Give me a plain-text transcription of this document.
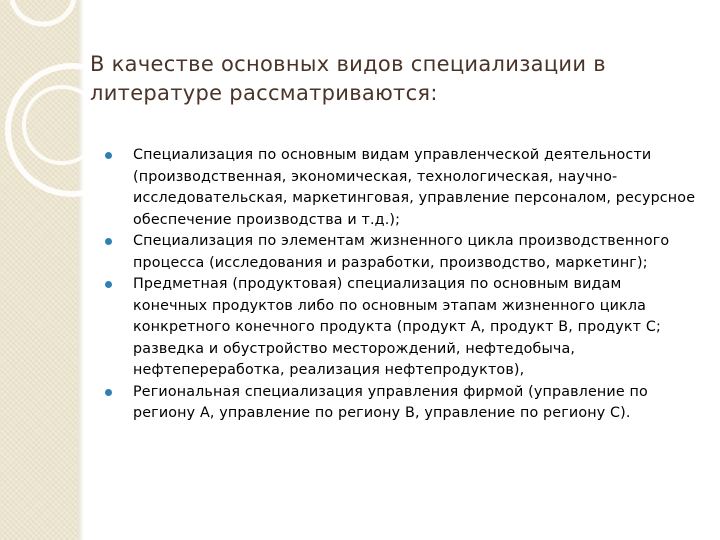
В качестве основных видов специализации в литературе рассматриваются:
Специализация по основным видам управленческой деятельности (производственная, экономическая, технологическая, научно-исследовательская, маркетинговая, управление персоналом, ресурсное обеспечение производства и т.д.);
Специализация по элементам жизненного цикла производственного процесса (исследования и разработки, производство, маркетинг);
Предметная (продуктовая) специализация по основным видам конечных продуктов либо по основным этапам жизненного цикла конкретного конечного продукта (продукт А, продукт В, продукт С; разведка и обустройство месторождений, нефтедобыча, нефтепереработка, реализация нефтепродуктов),
Региональная специализация управления фирмой (управление по региону А, управление по региону В, управление по региону С).
